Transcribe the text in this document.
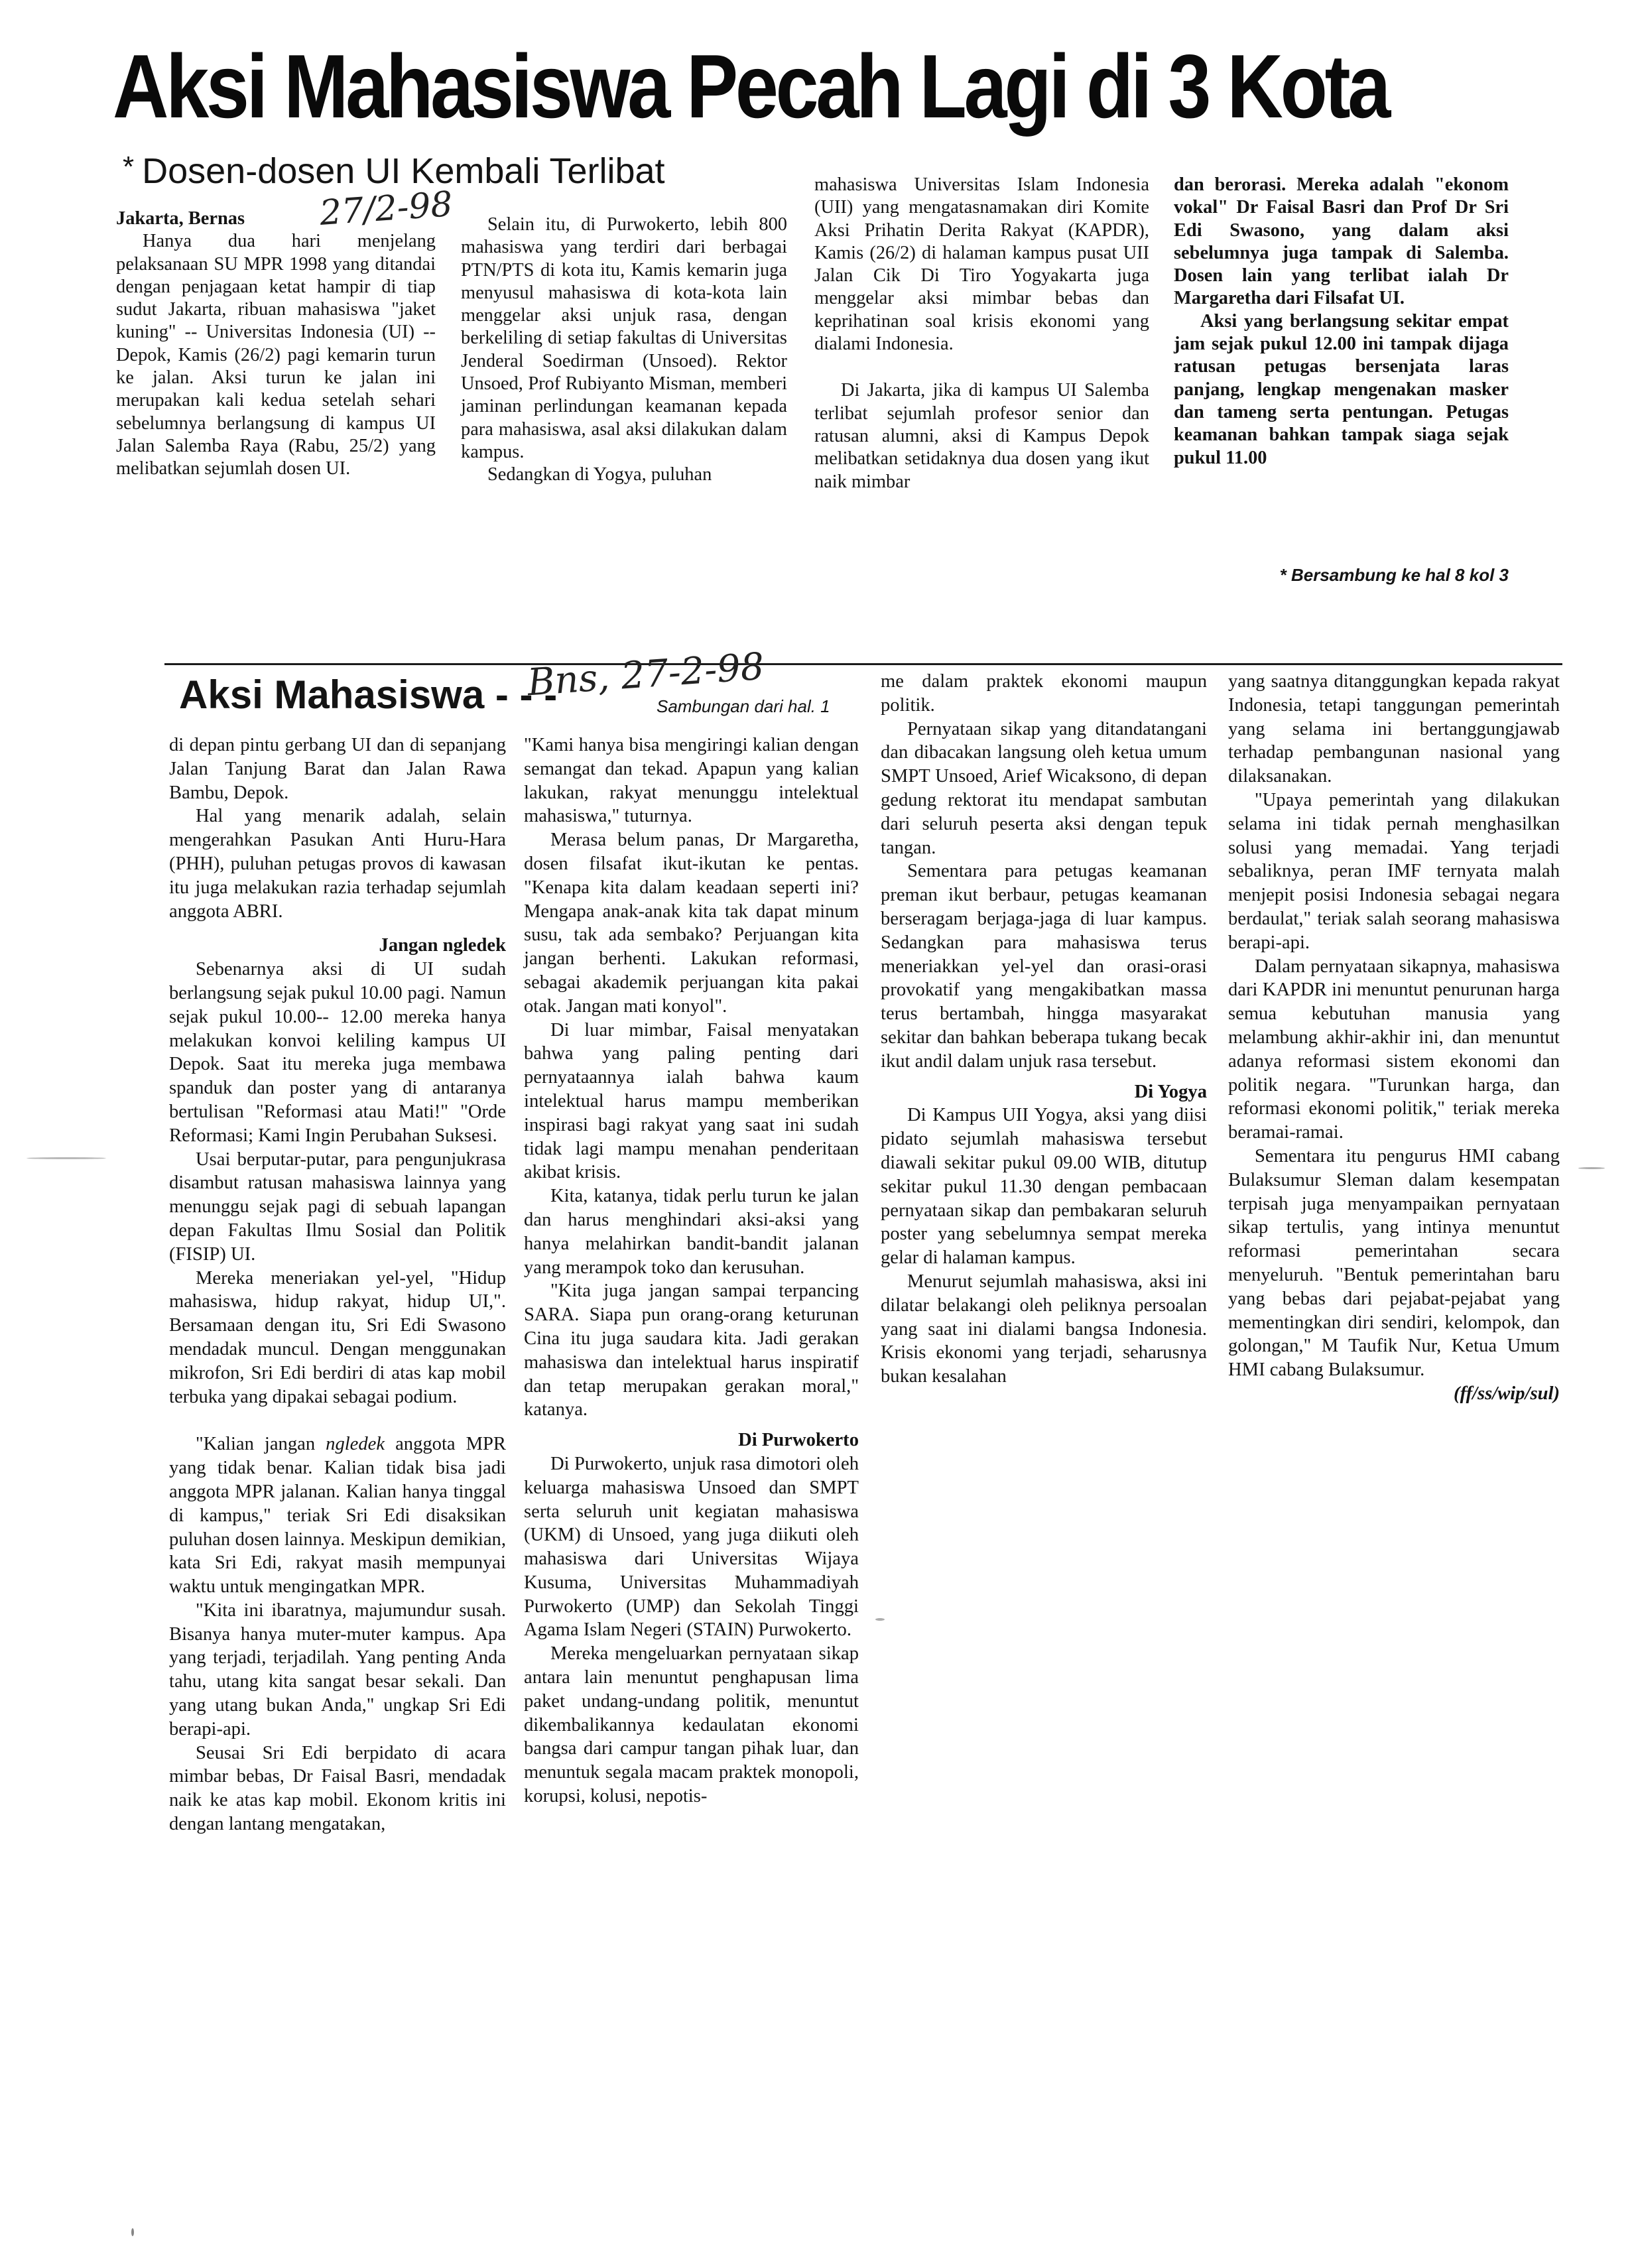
Aksi Mahasiswa Pecah Lagi di 3 Kota
* Dosen-dosen UI Kembali Terlibat
27/2-98

Jakarta, Bernas

Hanya dua hari menjelang pelaksanaan SU MPR 1998 yang ditandai dengan penjagaan ketat hampir di tiap sudut Jakarta, ribuan mahasiswa "jaket kuning" -- Universitas Indonesia (UI) -- Depok, Kamis (26/2) pagi kemarin turun ke jalan. Aksi turun ke jalan ini merupakan kali kedua setelah sehari sebelumnya berlangsung di kampus UI Jalan Salemba Raya (Rabu, 25/2) yang melibatkan sejumlah dosen UI.

Selain itu, di Purwokerto, lebih 800 mahasiswa yang terdiri dari berbagai PTN/PTS di kota itu, Kamis kemarin juga menyusul mahasiswa di kota-kota lain menggelar aksi unjuk rasa, dengan berkeliling di setiap fakultas di Universitas Jenderal Soedirman (Unsoed). Rektor Unsoed, Prof Rubiyanto Misman, memberi jaminan perlindungan keamanan kepada para mahasiswa, asal aksi dilakukan dalam kampus.

Sedangkan di Yogya, puluhan

mahasiswa Universitas Islam Indonesia (UII) yang mengatasnamakan diri Komite Aksi Prihatin Derita Rakyat (KAPDR), Kamis (26/2) di halaman kampus pusat UII Jalan Cik Di Tiro Yogyakarta juga menggelar aksi mimbar bebas dan keprihatinan soal krisis ekonomi yang dialami Indonesia.

Di Jakarta, jika di kampus UI Salemba terlibat sejumlah profesor senior dan ratusan alumni, aksi di Kampus Depok melibatkan setidaknya dua dosen yang ikut naik mimbar

dan berorasi. Mereka adalah "ekonom vokal" Dr Faisal Basri dan Prof Dr Sri Edi Swasono, yang dalam aksi sebelumnya juga tampak di Salemba. Dosen lain yang terlibat ialah Dr Margaretha dari Filsafat UI.

Aksi yang berlangsung sekitar empat jam sejak pukul 12.00 ini tampak dijaga ratusan petugas bersenjata laras panjang, lengkap mengenakan masker dan tameng serta pentungan. Petugas keamanan bahkan tampak siaga sejak pukul 11.00

* Bersambung ke hal 8 kol 3
Aksi Mahasiswa - - -
Bns, 27-2-98
Sambungan dari hal. 1

di depan pintu gerbang UI dan di sepanjang Jalan Tanjung Barat dan Jalan Rawa Bambu, Depok.

Hal yang menarik adalah, selain mengerahkan Pasukan Anti Huru-Hara (PHH), puluhan petugas provos di kawasan itu juga melakukan razia terhadap sejumlah anggota ABRI.

Jangan ngledek

Sebenarnya aksi di UI sudah berlangsung sejak pukul 10.00 pagi. Namun sejak pukul 10.00-- 12.00 mereka hanya melakukan konvoi keliling kampus UI Depok. Saat itu mereka juga membawa spanduk dan poster yang di antaranya bertulisan "Reformasi atau Mati!" "Orde Reformasi; Kami Ingin Perubahan Suksesi.

Usai berputar-putar, para pengunjukrasa disambut ratusan mahasiswa lainnya yang menunggu sejak pagi di sebuah lapangan depan Fakultas Ilmu Sosial dan Politik (FISIP) UI.

Mereka meneriakan yel-yel, "Hidup mahasiswa, hidup rakyat, hidup UI,". Bersamaan dengan itu, Sri Edi Swasono mendadak muncul. Dengan menggunakan mikrofon, Sri Edi berdiri di atas kap mobil terbuka yang dipakai sebagai podium.

"Kalian jangan ngledek anggota MPR yang tidak benar. Kalian tidak bisa jadi anggota MPR jalanan. Kalian hanya tinggal di kampus," teriak Sri Edi disaksikan puluhan dosen lainnya. Meskipun demikian, kata Sri Edi, rakyat masih mempunyai waktu untuk mengingatkan MPR.

"Kita ini ibaratnya, majumundur susah. Bisanya hanya muter-muter kampus. Apa yang terjadi, terjadilah. Yang penting Anda tahu, utang kita sangat besar sekali. Dan yang utang bukan Anda," ungkap Sri Edi berapi-api.

Seusai Sri Edi berpidato di acara mimbar bebas, Dr Faisal Basri, mendadak naik ke atas kap mobil. Ekonom kritis ini dengan lantang mengatakan,

"Kami hanya bisa mengiringi kalian dengan semangat dan tekad. Apapun yang kalian lakukan, rakyat menunggu intelektual mahasiswa," tuturnya.

Merasa belum panas, Dr Margaretha, dosen filsafat ikut-ikutan ke pentas. "Kenapa kita dalam keadaan seperti ini? Mengapa anak-anak kita tak dapat minum susu, tak ada sembako? Perjuangan kita jangan berhenti. Lakukan reformasi, sebagai akademik perjuangan kita pakai otak. Jangan mati konyol".

Di luar mimbar, Faisal menyatakan bahwa yang paling penting dari pernyataannya ialah bahwa kaum intelektual harus mampu memberikan inspirasi bagi rakyat yang saat ini sudah tidak lagi mampu menahan penderitaan akibat krisis.

Kita, katanya, tidak perlu turun ke jalan dan harus menghindari aksi-aksi yang hanya melahirkan bandit-bandit jalanan yang merampok toko dan kerusuhan.

"Kita juga jangan sampai terpancing SARA. Siapa pun orang-orang keturunan Cina itu juga saudara kita. Jadi gerakan mahasiswa dan intelektual harus inspiratif dan tetap merupakan gerakan moral," katanya.

Di Purwokerto

Di Purwokerto, unjuk rasa dimotori oleh keluarga mahasiswa Unsoed dan SMPT serta seluruh unit kegiatan mahasiswa (UKM) di Unsoed, yang juga diikuti oleh mahasiswa dari Universitas Wijaya Kusuma, Universitas Muhammadiyah Purwokerto (UMP) dan Sekolah Tinggi Agama Islam Negeri (STAIN) Purwokerto.

Mereka mengeluarkan pernyataan sikap antara lain menuntut penghapusan lima paket undang-undang politik, menuntut dikembalikannya kedaulatan ekonomi bangsa dari campur tangan pihak luar, dan menuntuk segala macam praktek monopoli, korupsi, kolusi, nepotis-

me dalam praktek ekonomi maupun politik.

Pernyataan sikap yang ditandatangani dan dibacakan langsung oleh ketua umum SMPT Unsoed, Arief Wicaksono, di depan gedung rektorat itu mendapat sambutan dari seluruh peserta aksi dengan tepuk tangan.

Sementara para petugas keamanan preman ikut berbaur, petugas keamanan berseragam berjaga-jaga di luar kampus. Sedangkan para mahasiswa terus meneriakkan yel-yel dan orasi-orasi provokatif yang mengakibatkan massa terus bertambah, hingga masyarakat sekitar dan bahkan beberapa tukang becak ikut andil dalam unjuk rasa tersebut.

Di Yogya

Di Kampus UII Yogya, aksi yang diisi pidato sejumlah mahasiswa tersebut diawali sekitar pukul 09.00 WIB, ditutup sekitar pukul 11.30 dengan pembacaan pernyataan sikap dan pembakaran seluruh poster yang sebelumnya sempat mereka gelar di halaman kampus.

Menurut sejumlah mahasiswa, aksi ini dilatar belakangi oleh peliknya persoalan yang saat ini dialami bangsa Indonesia. Krisis ekonomi yang terjadi, seharusnya bukan kesalahan

yang saatnya ditanggungkan kepada rakyat Indonesia, tetapi tanggungan pemerintah yang selama ini bertanggungjawab terhadap pembangunan nasional yang dilaksanakan.

"Upaya pemerintah yang dilakukan selama ini tidak pernah menghasilkan solusi yang memadai. Yang terjadi sebaliknya, peran IMF ternyata malah menjepit posisi Indonesia sebagai negara berdaulat," teriak salah seorang mahasiswa berapi-api.

Dalam pernyataan sikapnya, mahasiswa dari KAPDR ini menuntut penurunan harga semua kebutuhan manusia yang melambung akhir-akhir ini, dan menuntut adanya reformasi sistem ekonomi dan politik negara. "Turunkan harga, dan reformasi ekonomi politik," teriak mereka beramai-ramai.

Sementara itu pengurus HMI cabang Bulaksumur Sleman dalam kesempatan terpisah juga menyampaikan pernyataan sikap tertulis, yang intinya menuntut reformasi pemerintahan secara menyeluruh. "Bentuk pemerintahan baru yang bebas dari pejabat-pejabat yang mementingkan diri sendiri, kelompok, dan golongan," M Taufik Nur, Ketua Umum HMI cabang Bulaksumur.

(ff/ss/wip/sul)
